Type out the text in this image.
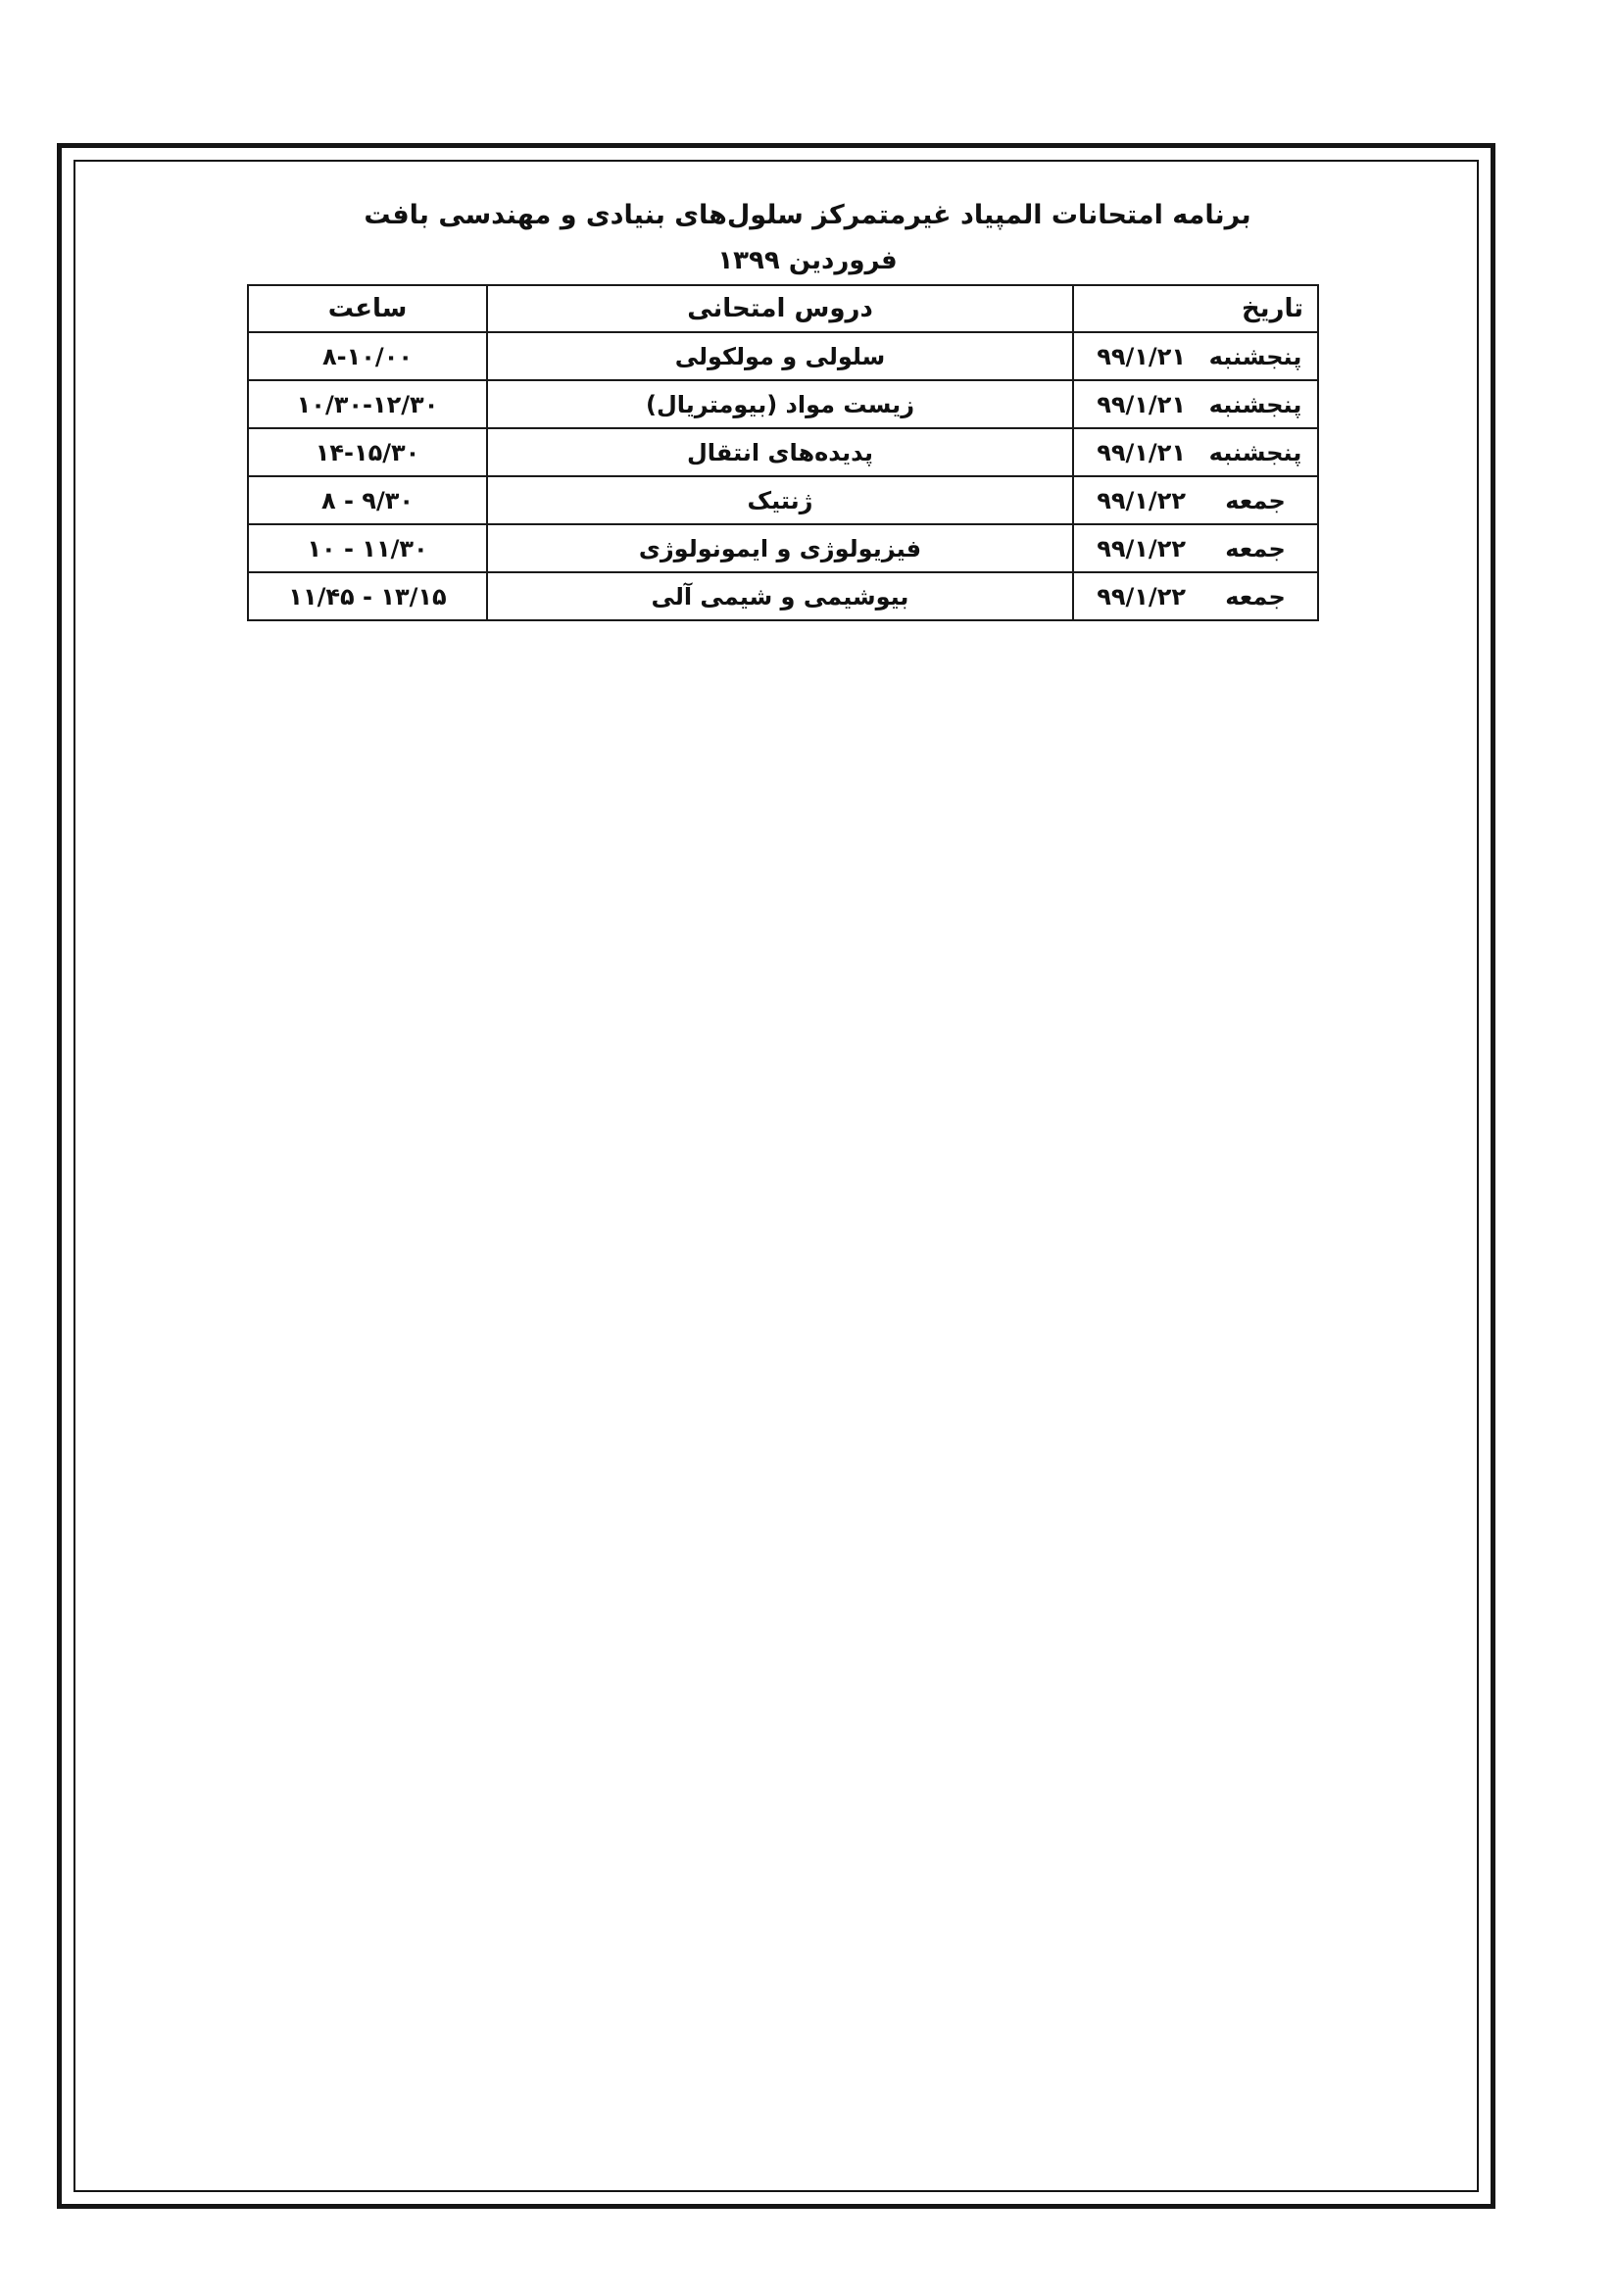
برنامه امتحانات المپیاد غیرمتمرکز سلول‌های بنیادی و مهندسی بافت
فروردین ۱۳۹۹
تاریخ	دروس امتحانی	ساعت
پنجشنبه۹۹/۱/۲۱	سلولی و مولکولی	۸-۱۰/۰۰
پنجشنبه۹۹/۱/۲۱	زیست مواد (بیومتریال)	۱۰/۳۰-۱۲/۳۰
پنجشنبه۹۹/۱/۲۱	پدیده‌های انتقال	۱۴-۱۵/۳۰
جمعه۹۹/۱/۲۲	ژنتیک	۸ - ۹/۳۰
جمعه۹۹/۱/۲۲	فیزیولوژی و ایمونولوژی	۱۰ - ۱۱/۳۰
جمعه۹۹/۱/۲۲	بیوشیمی و شیمی آلی	۱۱/۴۵ - ۱۳/۱۵
